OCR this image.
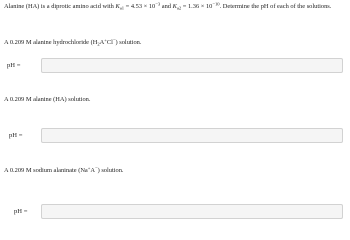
Alanine (HA) is a diprotic amino acid with $K_{a1} = 4.53 \times 10^{-3}$ and $K_{a2} = 1.36 \times 10^{-10}$. Determine the pH of each of the solutions.

A 0.209 M alanine hydrochloride $(H_2A^+Cl^-)$ solution.

pH =

A 0.209 M alanine (HA) solution.

pH =

A 0.209 M sodium alaninate (Na+A−) solution.

pH =
